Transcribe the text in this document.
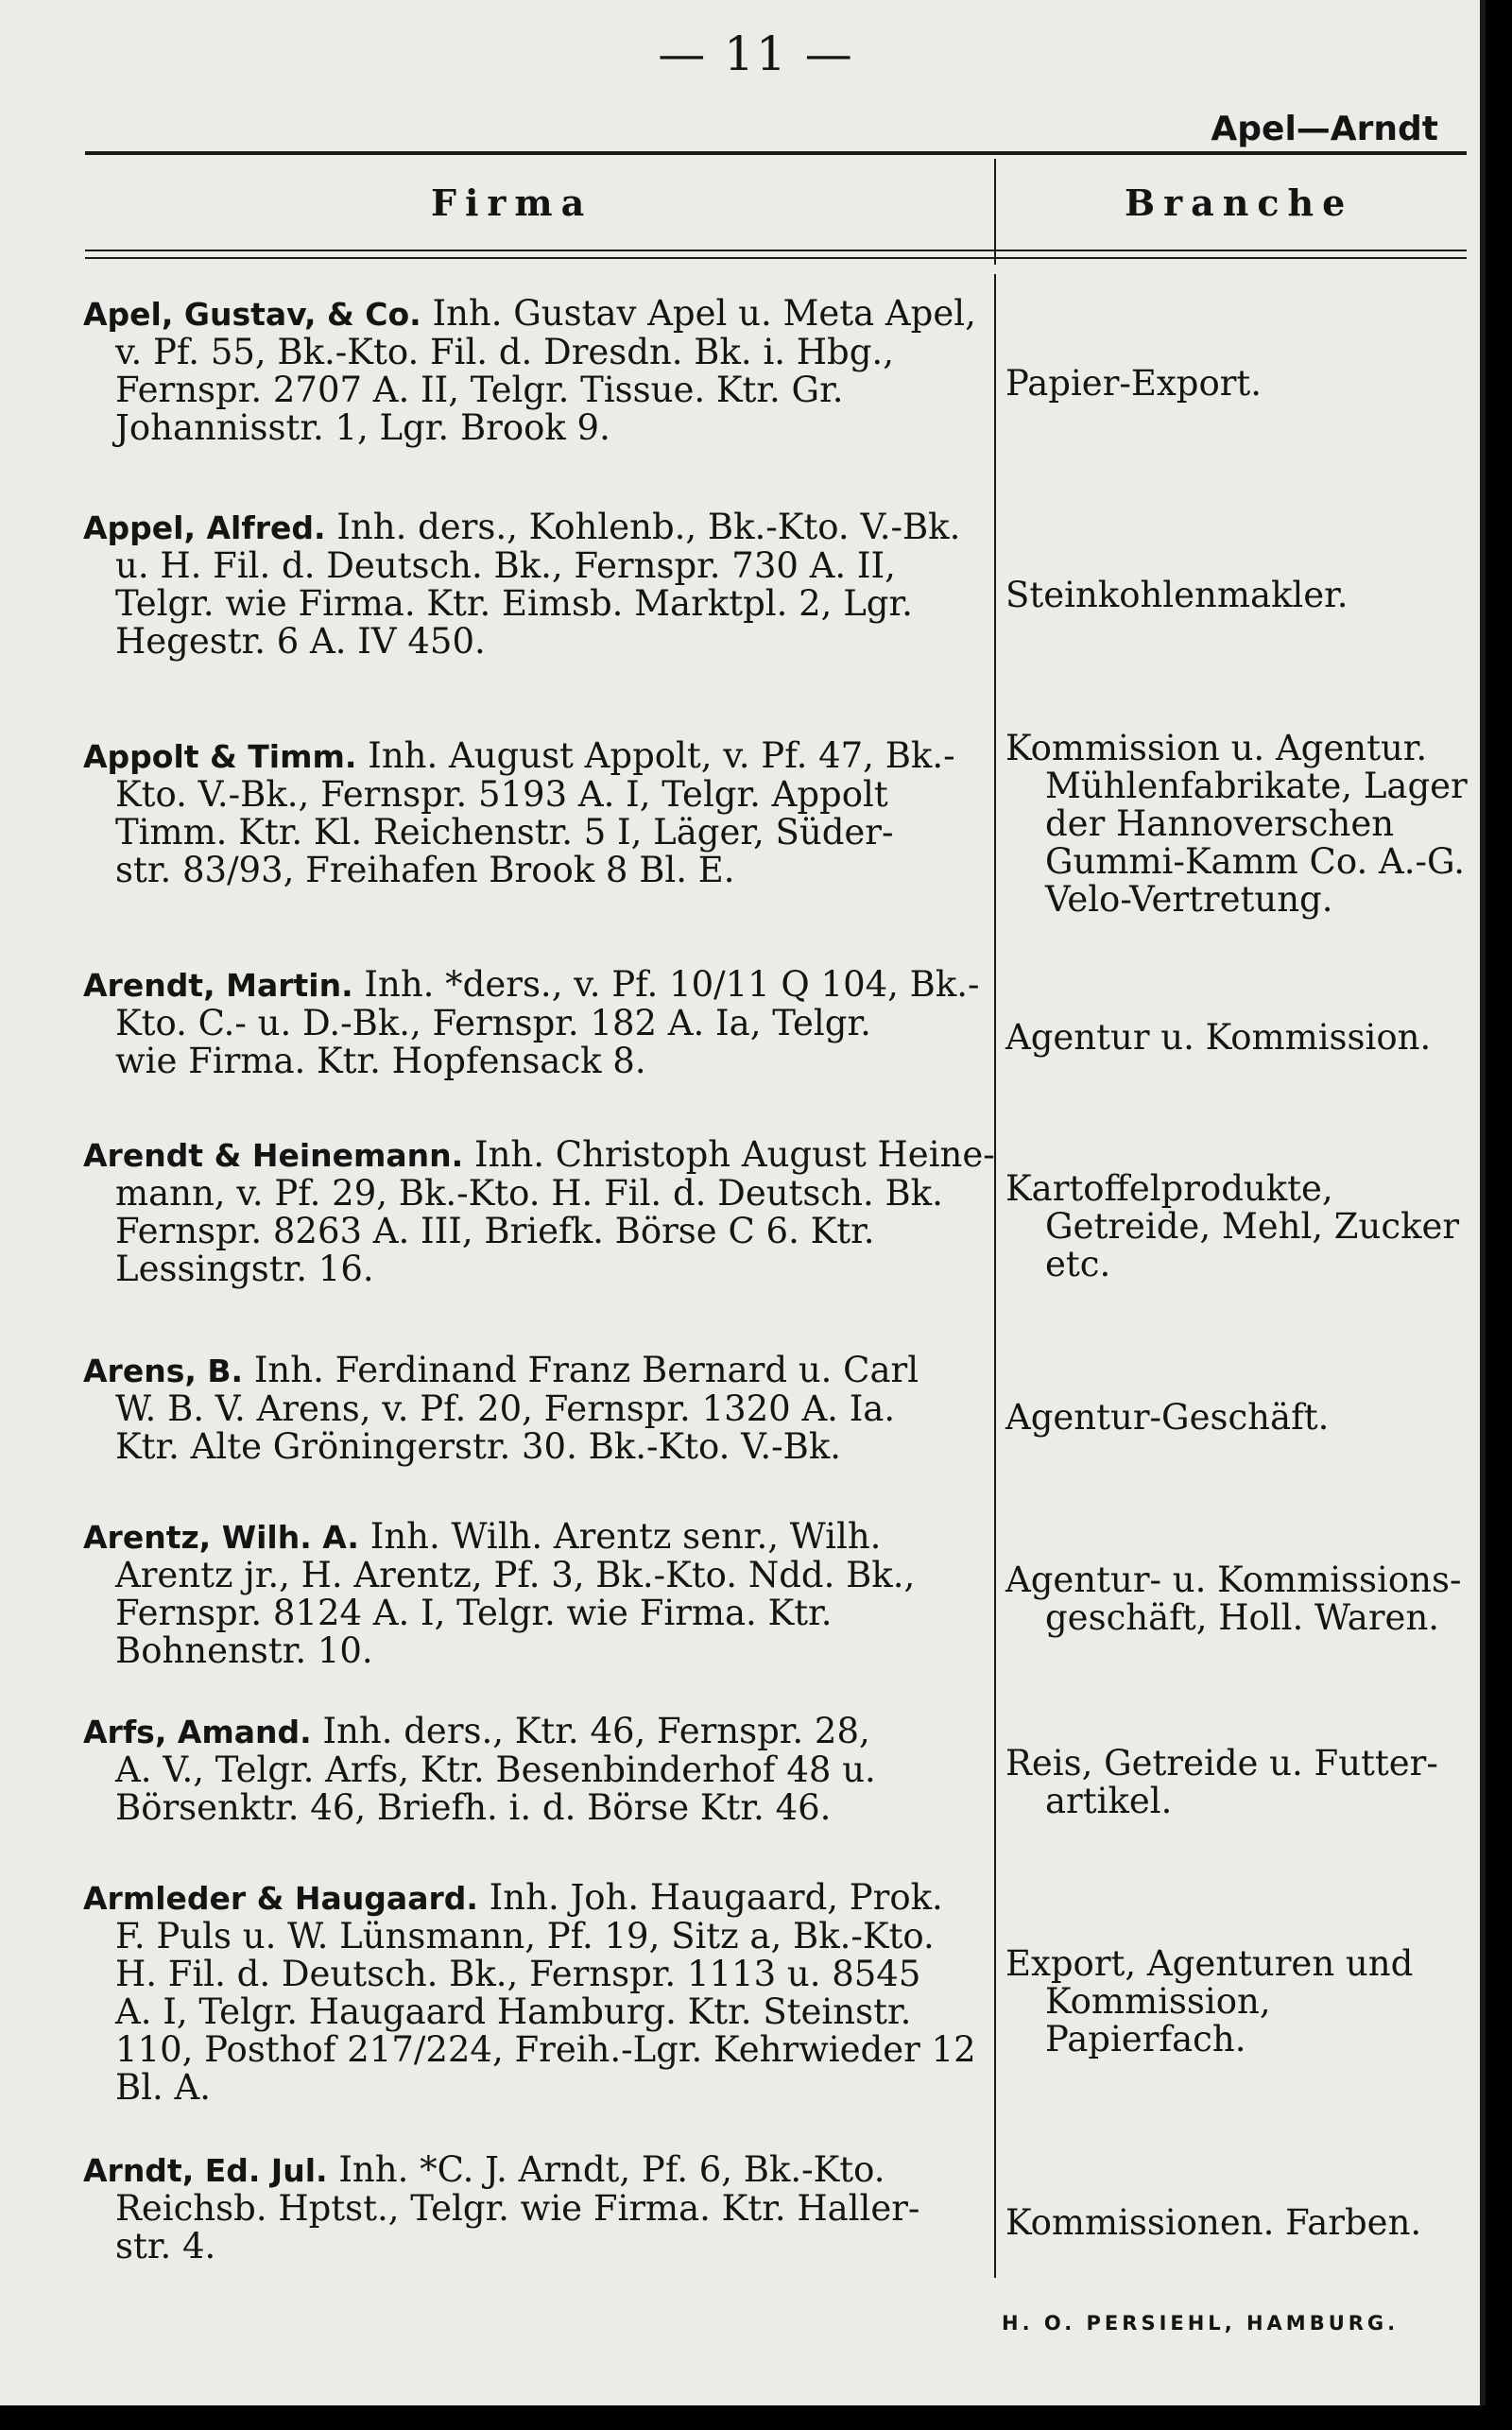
— 11 —
Apel—Arndt
Firma	Branche
Apel, Gustav, & Co. Inh. Gustav Apel u. Meta Apel,
v. Pf. 55, Bk.-Kto. Fil. d. Dresdn. Bk. i. Hbg.,
Fernspr. 2707 A. II, Telgr. Tissue. Ktr. Gr.
Johannisstr. 1, Lgr. Brook 9.
Papier-Export.
Appel, Alfred. Inh. ders., Kohlenb., Bk.-Kto. V.-Bk.
u. H. Fil. d. Deutsch. Bk., Fernspr. 730 A. II,
Telgr. wie Firma. Ktr. Eimsb. Marktpl. 2, Lgr.
Hegestr. 6 A. IV 450.
Steinkohlenmakler.
Appolt & Timm. Inh. August Appolt, v. Pf. 47, Bk.-
Kto. V.-Bk., Fernspr. 5193 A. I, Telgr. Appolt
Timm. Ktr. Kl. Reichenstr. 5 I, Läger, Süder-
str. 83/93, Freihafen Brook 8 Bl. E.
Kommission u. Agentur.
Mühlenfabrikate, Lager
der Hannoverschen
Gummi-Kamm Co. A.-G.
Velo-Vertretung.
Arendt, Martin. Inh. *ders., v. Pf. 10/11 Q 104, Bk.-
Kto. C.- u. D.-Bk., Fernspr. 182 A. Ia, Telgr.
wie Firma. Ktr. Hopfensack 8.
Agentur u. Kommission.
Arendt & Heinemann. Inh. Christoph August Heine-
mann, v. Pf. 29, Bk.-Kto. H. Fil. d. Deutsch. Bk.
Fernspr. 8263 A. III, Briefk. Börse C 6. Ktr.
Lessingstr. 16.
Kartoffelprodukte,
Getreide, Mehl, Zucker
etc.
Arens, B. Inh. Ferdinand Franz Bernard u. Carl
W. B. V. Arens, v. Pf. 20, Fernspr. 1320 A. Ia.
Ktr. Alte Gröningerstr. 30. Bk.-Kto. V.-Bk.
Agentur-Geschäft.
Arentz, Wilh. A. Inh. Wilh. Arentz senr., Wilh.
Arentz jr., H. Arentz, Pf. 3, Bk.-Kto. Ndd. Bk.,
Fernspr. 8124 A. I, Telgr. wie Firma. Ktr.
Bohnenstr. 10.
Agentur- u. Kommissions-
geschäft, Holl. Waren.
Arfs, Amand. Inh. ders., Ktr. 46, Fernspr. 28,
A. V., Telgr. Arfs, Ktr. Besenbinderhof 48 u.
Börsenktr. 46, Briefh. i. d. Börse Ktr. 46.
Reis, Getreide u. Futter-
artikel.
Armleder & Haugaard. Inh. Joh. Haugaard, Prok.
F. Puls u. W. Lünsmann, Pf. 19, Sitz a, Bk.-Kto.
H. Fil. d. Deutsch. Bk., Fernspr. 1113 u. 8545
A. I, Telgr. Haugaard Hamburg. Ktr. Steinstr.
110, Posthof 217/224, Freih.-Lgr. Kehrwieder 12
Bl. A.
Export, Agenturen und
Kommission,
Papierfach.
Arndt, Ed. Jul. Inh. *C. J. Arndt, Pf. 6, Bk.-Kto.
Reichsb. Hptst., Telgr. wie Firma. Ktr. Haller-
str. 4.
Kommissionen. Farben.
H. O. PERSIEHL, HAMBURG.
